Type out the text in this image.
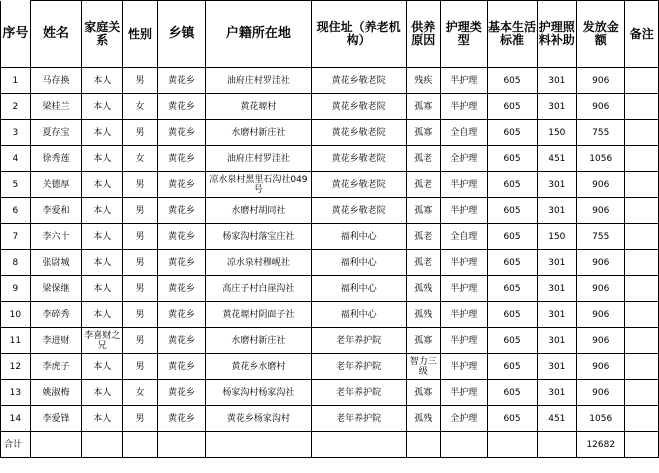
序号	姓名	家庭关系	性别	乡镇	户籍所在地	现住址（养老机构）	供养原因	护理类型	基本生活标准	护理照料补助	发放金额	备注
1	马存换	本人	男	黄花乡	油府庄村罗洼社	黄花乡敬老院	残疾	半护理	605	301	906	
2	梁桂兰	本人	女	黄花乡	黄花塬村	黄花乡敬老院	孤寡	半护理	605	301	906	
3	夏存宝	本人	男	黄花乡	水磨村新庄社	黄花乡敬老院	孤寡	全自理	605	150	755	
4	徐秀莲	本人	女	黄花乡	油府庄村罗洼社	黄花乡敬老院	孤老	全护理	605	451	1056	
5	关德厚	本人	男	黄花乡	凉水泉村黑里石沟社049 号	黄花乡敬老院	孤老	半护理	605	301	906	
6	李爱和	本人	男	黄花乡	水磨村胡同社	黄花乡敬老院	孤寡	半护理	605	301	906	
7	李六十	本人	男	黄花乡	杨家沟村落宝庄社	福利中心	孤老	全自理	605	150	755	
8	张尉城	本人	男	黄花乡	凉水泉村穆岘社	福利中心	孤老	半护理	605	301	906	
9	梁保继	本人	男	黄花乡	高庄子村白崖沟社	福利中心	孤残	半护理	605	301	906	
10	李碎秀	本人	男	黄花乡	黄花塬村阴面子社	福利中心	孤残	半护理	605	301	906	
11	李进财	李喜财之兄	男	黄花乡	水磨村新庄社	老年养护院	孤寡	半护理	605	301	906	
12	李虎子	本人	男	黄花乡	黄花乡水磨村	老年养护院	智力三级	半护理	605	301	906	
13	姚淑梅	本人	女	黄花乡	杨家沟村杨家沟社	老年养护院	孤寡	半护理	605	301	906	
14	李爱锋	本人	男	黄花乡	黄花乡杨家沟村	老年养护院	孤残	全护理	605	451	1056	
合计											12682	
